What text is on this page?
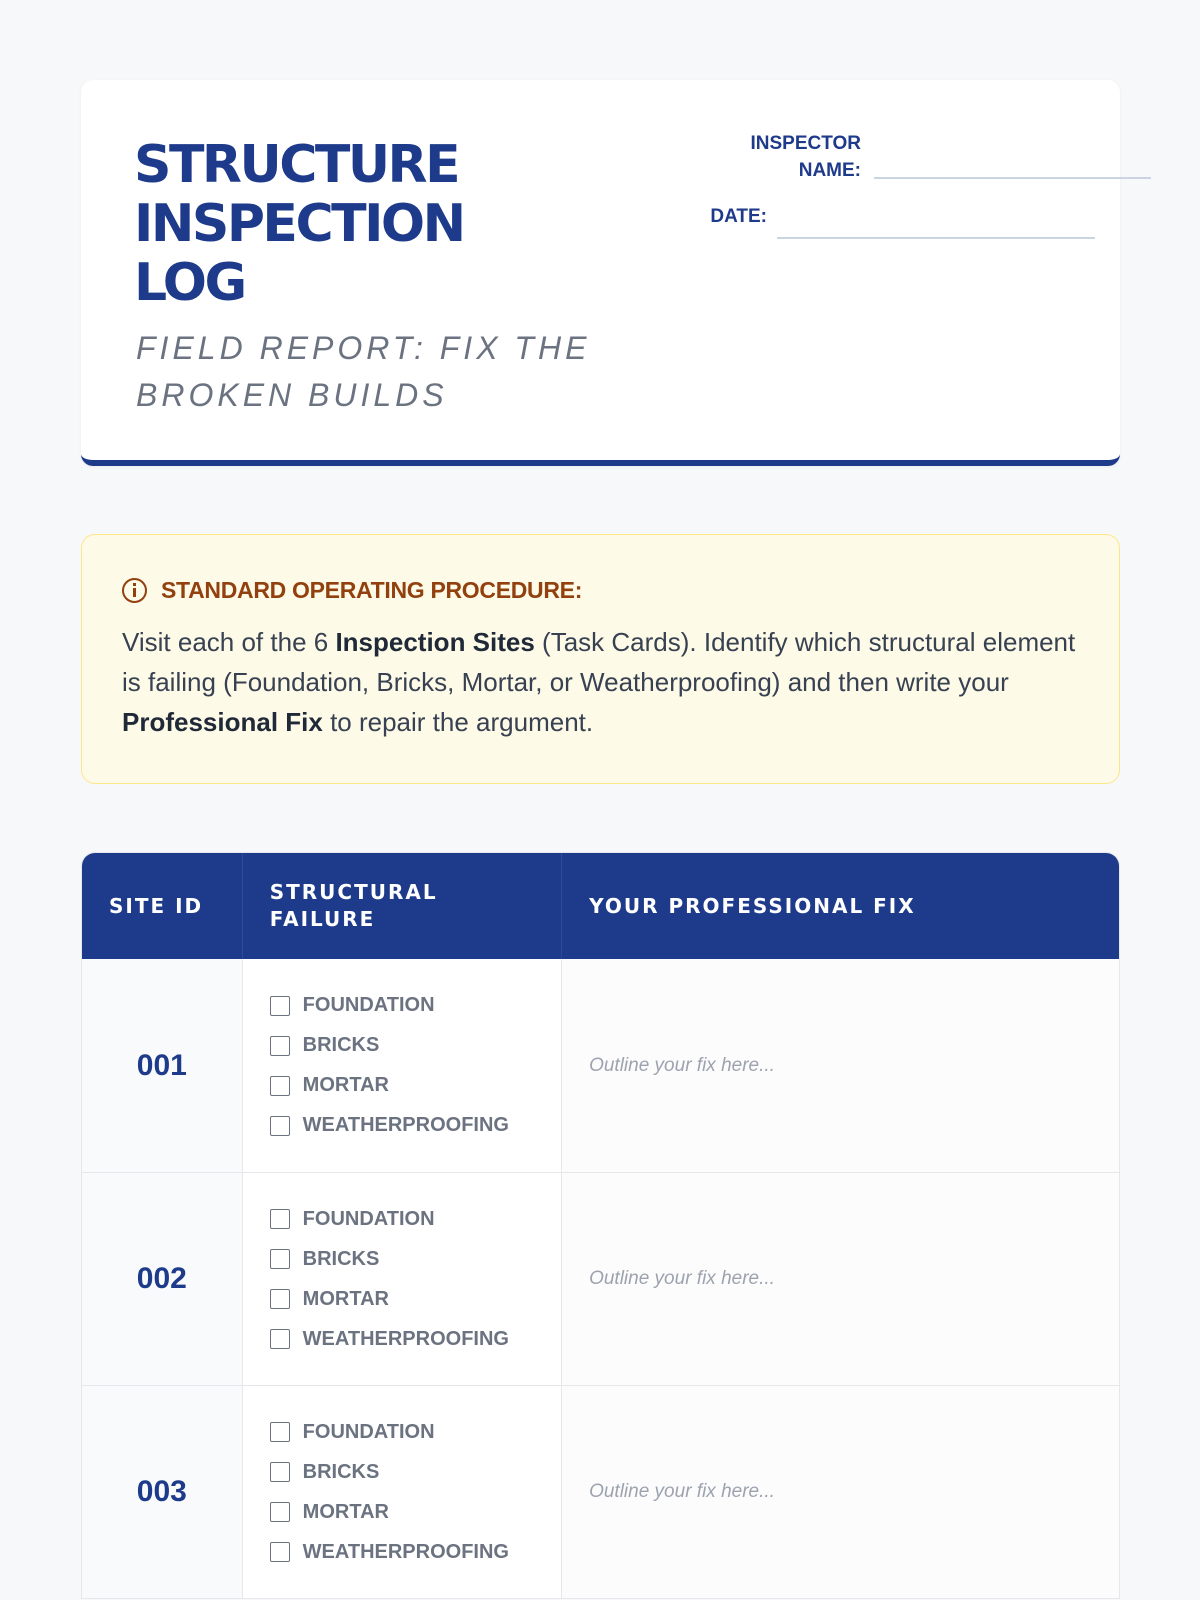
STRUCTURE INSPECTION LOG
FIELD REPORT: FIX THE BROKEN BUILDS
INSPECTOR NAME:
DATE:
STANDARD OPERATING PROCEDURE:
Visit each of the 6 Inspection Sites (Task Cards). Identify which structural element is failing (Foundation, Bricks, Mortar, or Weatherproofing) and then write your Professional Fix to repair the argument.
SITE ID
STRUCTURAL FAILURE
YOUR PROFESSIONAL FIX
001
FOUNDATION
BRICKS
MORTAR
WEATHERPROOFING
Outline your fix here...
002
FOUNDATION
BRICKS
MORTAR
WEATHERPROOFING
Outline your fix here...
003
FOUNDATION
BRICKS
MORTAR
WEATHERPROOFING
Outline your fix here...
